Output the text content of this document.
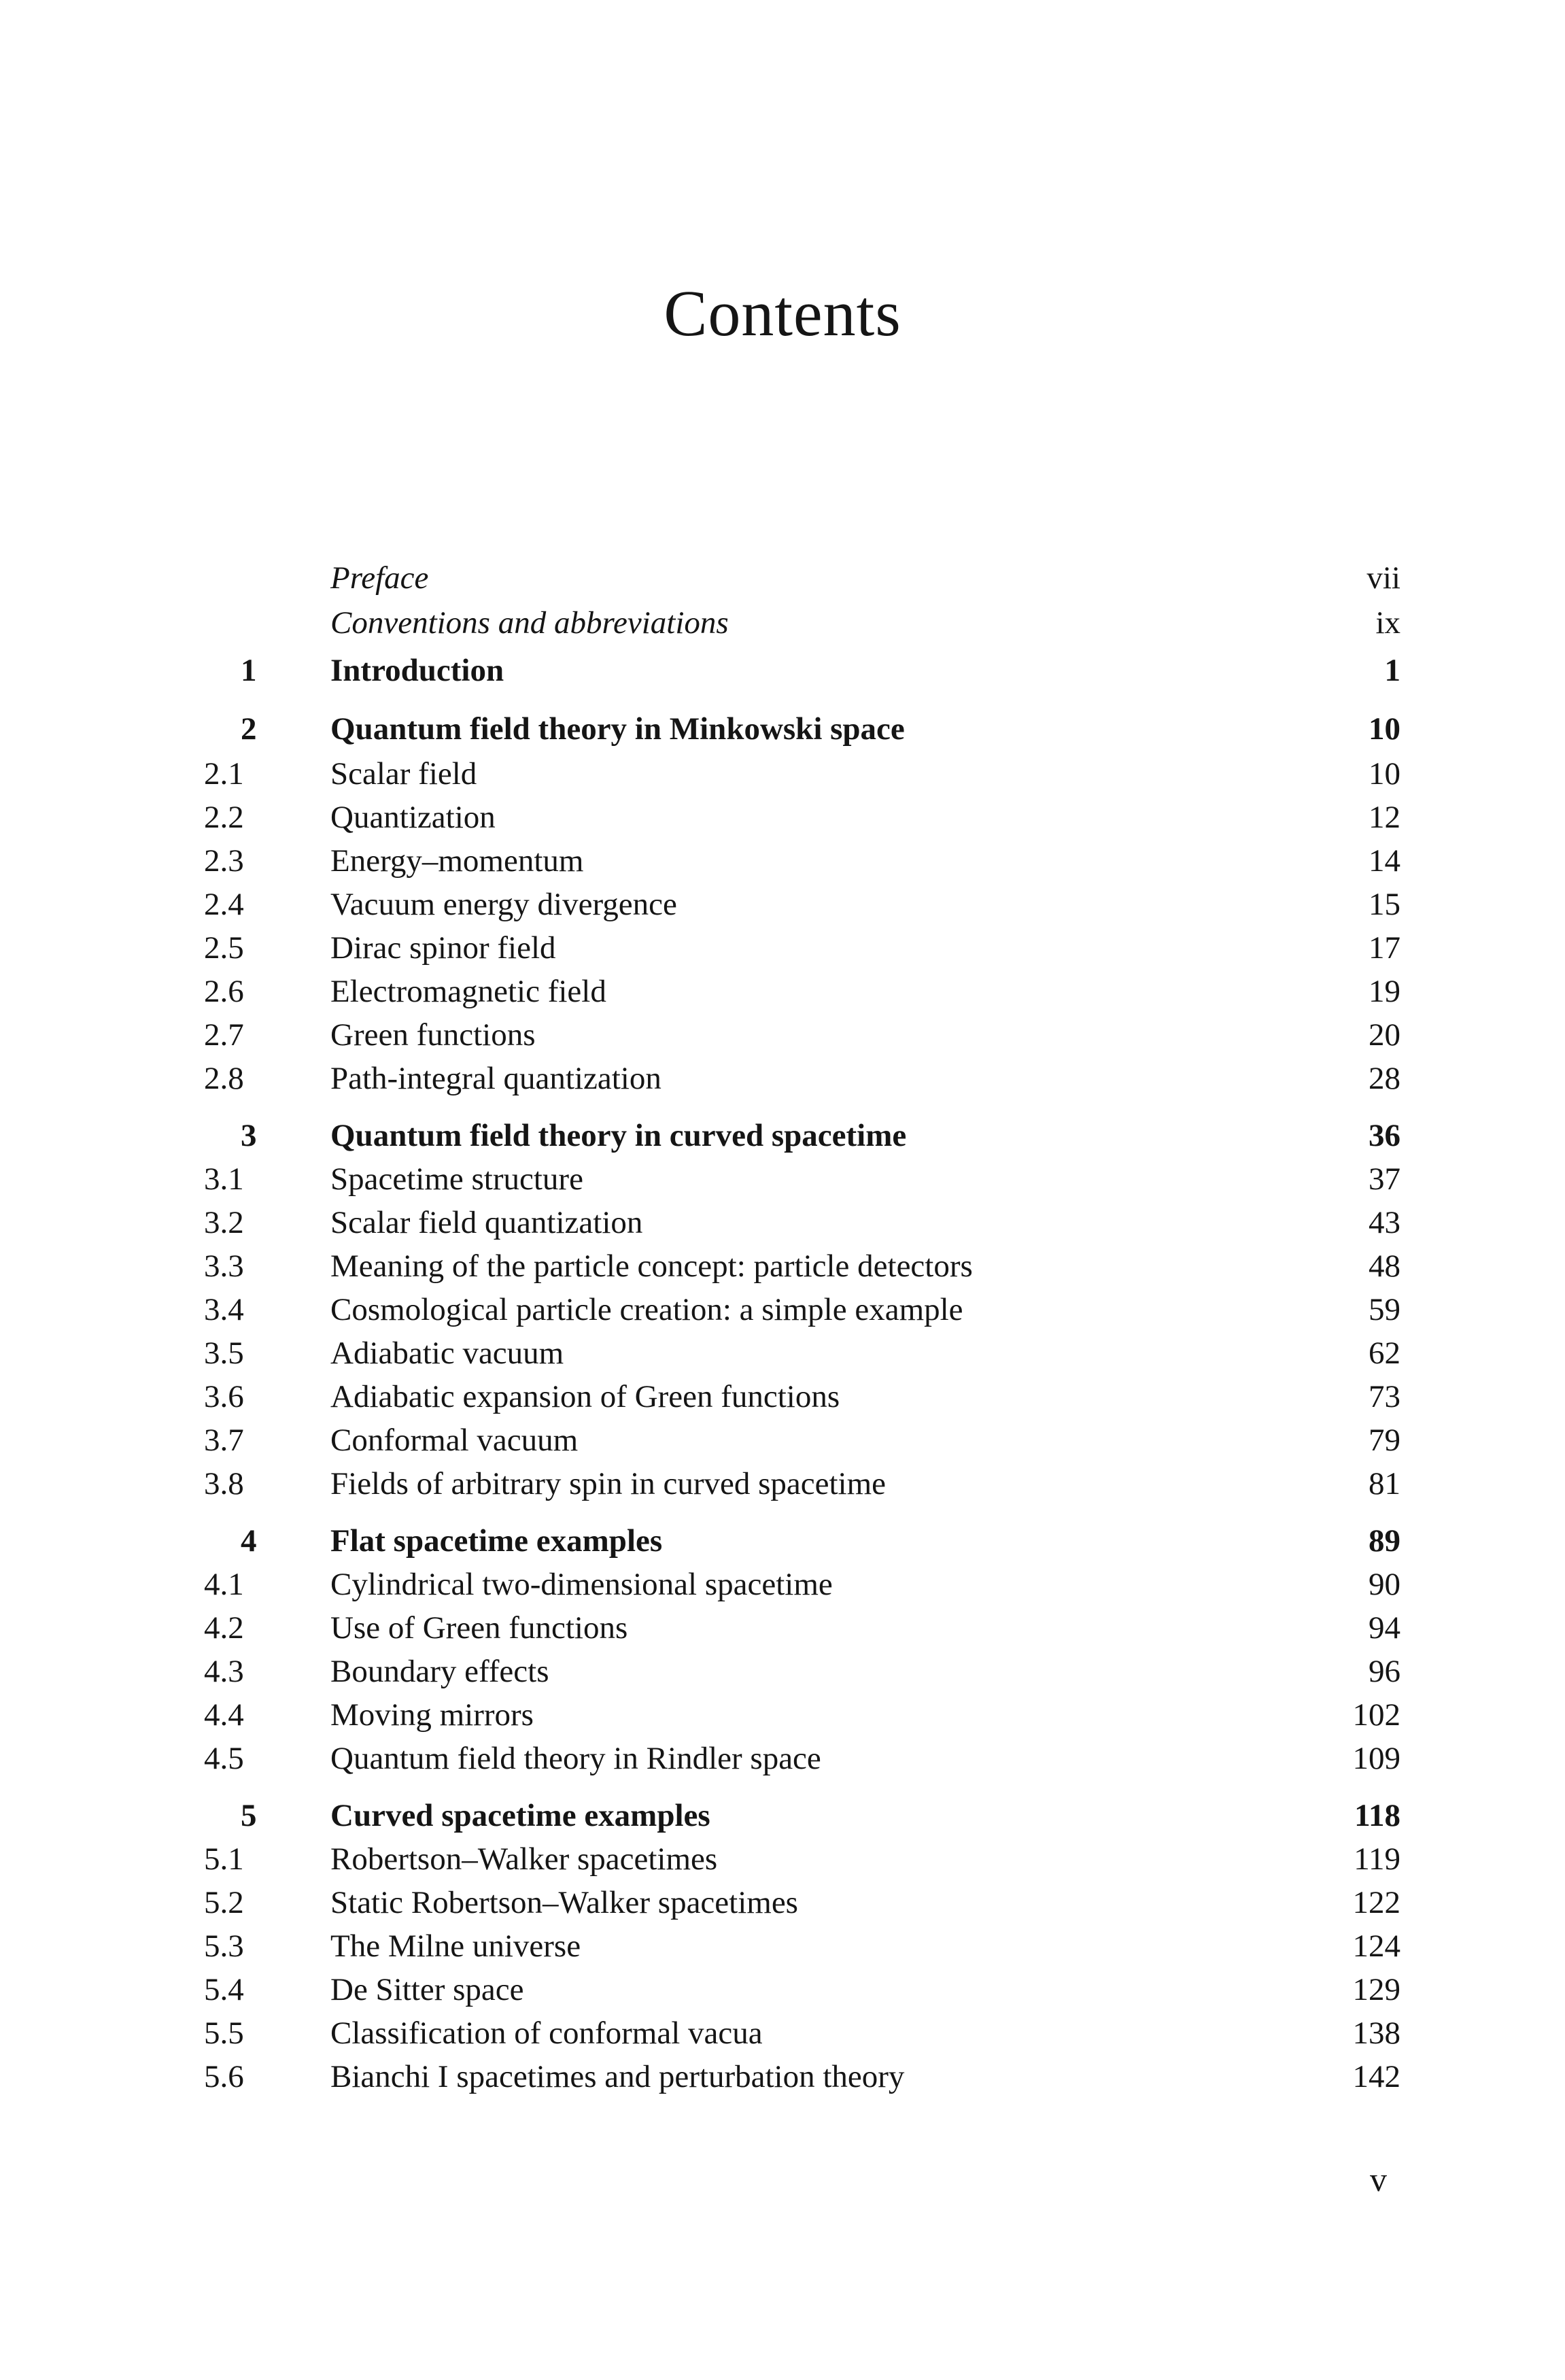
Contents
Preface	vii
Conventions and abbreviations	ix
1	Introduction	1
2	Quantum field theory in Minkowski space	10
2.1	Scalar field	10
2.2	Quantization	12
2.3	Energy–momentum	14
2.4	Vacuum energy divergence	15
2.5	Dirac spinor field	17
2.6	Electromagnetic field	19
2.7	Green functions	20
2.8	Path-integral quantization	28
3	Quantum field theory in curved spacetime	36
3.1	Spacetime structure	37
3.2	Scalar field quantization	43
3.3	Meaning of the particle concept: particle detectors	48
3.4	Cosmological particle creation: a simple example	59
3.5	Adiabatic vacuum	62
3.6	Adiabatic expansion of Green functions	73
3.7	Conformal vacuum	79
3.8	Fields of arbitrary spin in curved spacetime	81
4	Flat spacetime examples	89
4.1	Cylindrical two-dimensional spacetime	90
4.2	Use of Green functions	94
4.3	Boundary effects	96
4.4	Moving mirrors	102
4.5	Quantum field theory in Rindler space	109
5	Curved spacetime examples	118
5.1	Robertson–Walker spacetimes	119
5.2	Static Robertson–Walker spacetimes	122
5.3	The Milne universe	124
5.4	De Sitter space	129
5.5	Classification of conformal vacua	138
5.6	Bianchi I spacetimes and perturbation theory	142
v
